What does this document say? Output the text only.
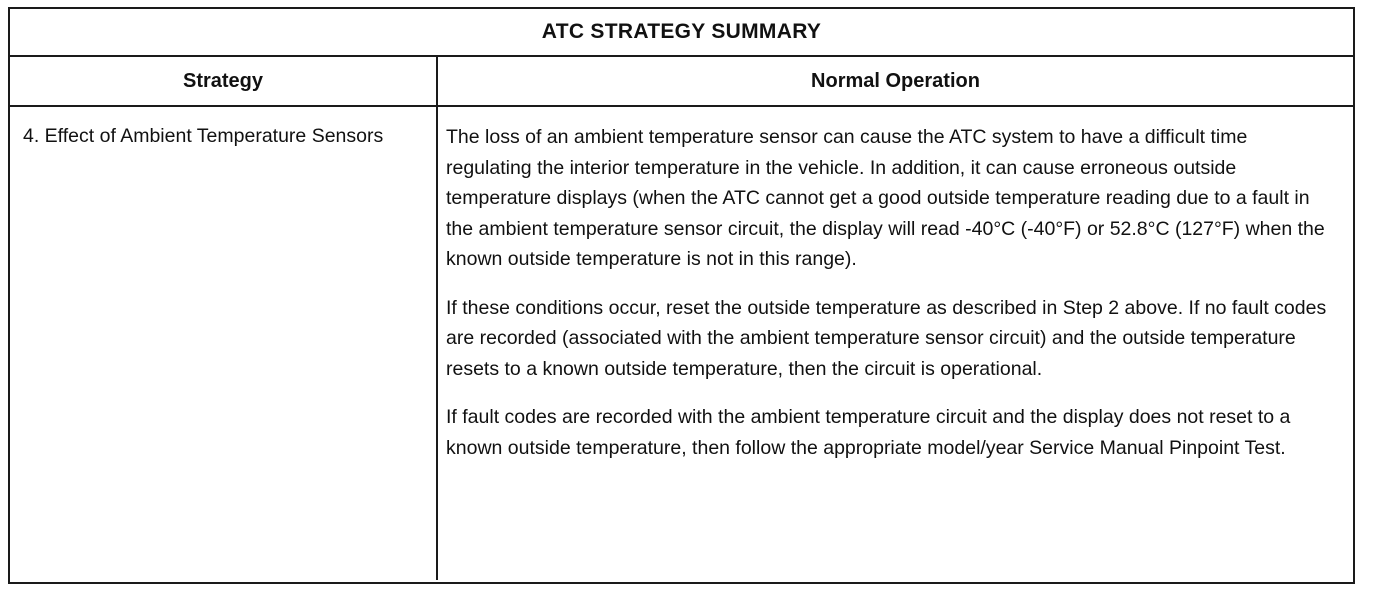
ATC STRATEGY SUMMARY
Strategy	Normal Operation
4. Effect of Ambient Temperature Sensors	The loss of an ambient temperature sensor can cause the ATC system to have a difficult time regulating the interior temperature in the vehicle. In addition, it can cause erroneous outside temperature displays (when the ATC cannot get a good outside temperature reading due to a fault in the ambient temperature sensor circuit, the display will read -40°C (-40°F) or 52.8°C (127°F) when the known outside temperature is not in this range).

If these conditions occur, reset the outside temperature as described in Step 2 above. If no fault codes are recorded (associated with the ambient temperature sensor circuit) and the outside temperature resets to a known outside temperature, then the circuit is operational.

If fault codes are recorded with the ambient temperature circuit and the display does not reset to a known outside temperature, then follow the appropriate model/year Service Manual Pinpoint Test.
